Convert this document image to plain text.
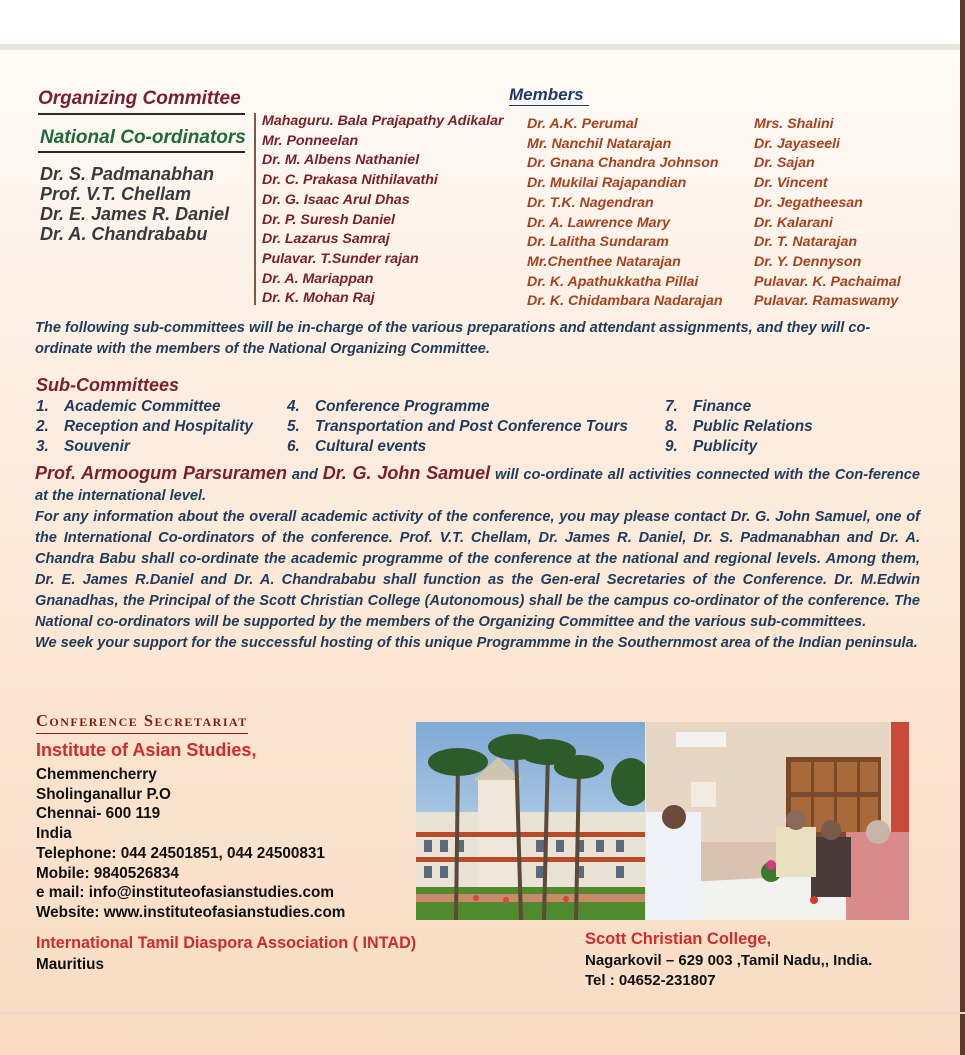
Organizing Committee
National Co-ordinators
Dr. S. Padmanabhan
Prof. V.T. Chellam
Dr. E. James R. Daniel
Dr. A. Chandrababu
Members
Mahaguru. Bala Prajapathy Adikalar
Mr. Ponneelan
Dr. M. Albens Nathaniel
Dr. C. Prakasa Nithilavathi
Dr. G. Isaac Arul Dhas
Dr. P. Suresh Daniel
Dr. Lazarus Samraj
Pulavar. T.Sunder rajan
Dr. A. Mariappan
Dr. K. Mohan Raj
Dr. A.K. Perumal
Mr. Nanchil Natarajan
Dr. Gnana Chandra Johnson
Dr. Mukilai Rajapandian
Dr. T.K. Nagendran
Dr. A. Lawrence Mary
Dr. Lalitha Sundaram
Mr.Chenthee Natarajan
Dr. K. Apathukkatha Pillai
Dr. K. Chidambara Nadarajan
Mrs. Shalini
Dr. Jayaseeli
Dr. Sajan
Dr. Vincent
Dr. Jegatheesan
Dr. Kalarani
Dr. T. Natarajan
Dr. Y. Dennyson
Pulavar. K. Pachaimal
Pulavar. Ramaswamy
The following sub-committees will be in-charge of the various preparations and attendant assignments, and they will co-ordinate with the members of the National Organizing Committee.
Sub-Committees
1. Academic Committee
2. Reception and Hospitality
3. Souvenir
4. Conference Programme
5. Transportation and Post Conference Tours
6. Cultural events
7. Finance
8. Public Relations
9. Publicity
Prof. Armoogum Parsuramen and Dr. G. John Samuel will co-ordinate all activities connected with the Con-ference at the international level.
For any information about the overall academic activity of the conference, you may please contact Dr. G. John Samuel, one of the International Co-ordinators of the conference. Prof. V.T. Chellam, Dr. James R. Daniel, Dr. S. Padmanabhan and Dr. A. Chandra Babu shall co-ordinate the academic programme of the conference at the national and regional levels. Among them, Dr. E. James R.Daniel and Dr. A. Chandrababu shall function as the Gen-eral Secretaries of the Conference. Dr. M.Edwin Gnanadhas, the Principal of the Scott Christian College (Autonomous) shall be the campus co-ordinator of the conference. The National co-ordinators will be supported by the members of the Organizing Committee and the various sub-committees.
We seek your support for the successful hosting of this unique Programmme in the Southernmost area of the Indian peninsula.
Conference Secretariat
Institute of Asian Studies,
Chemmencherry
Sholinganallur P.O
Chennai- 600 119
India
Telephone: 044 24501851, 044 24500831
Mobile: 9840526834
e mail: info@instituteofasianstudies.com
Website: www.instituteofasianstudies.com
International Tamil Diaspora Association ( INTAD)
Mauritius
Scott Christian College,
Nagarkovil – 629 003 ,Tamil Nadu,, India.
Tel : 04652-231807
